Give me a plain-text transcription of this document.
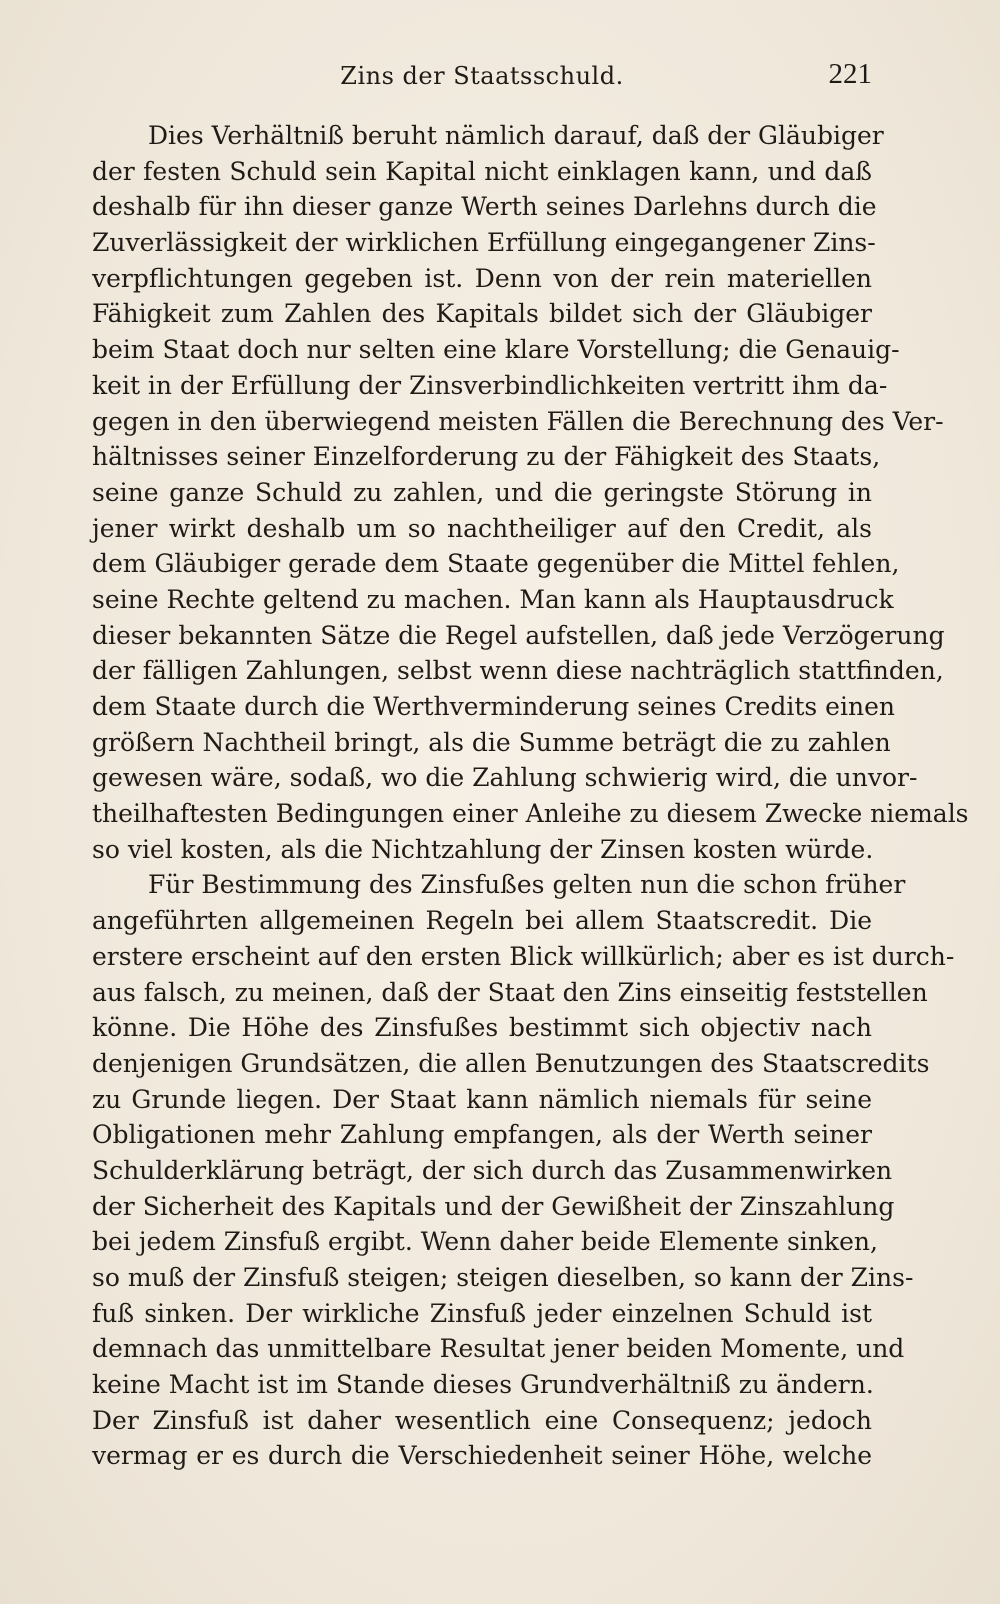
Zins der Staatsschuld.	221
Dies Verhältniß beruht nämlich darauf, daß der Gläubiger
der festen Schuld sein Kapital nicht einklagen kann, und daß
deshalb für ihn dieser ganze Werth seines Darlehns durch die
Zuverlässigkeit der wirklichen Erfüllung eingegangener Zins-
verpflichtungen gegeben ist. Denn von der rein materiellen
Fähigkeit zum Zahlen des Kapitals bildet sich der Gläubiger
beim Staat doch nur selten eine klare Vorstellung; die Genauig-
keit in der Erfüllung der Zinsverbindlichkeiten vertritt ihm da-
gegen in den überwiegend meisten Fällen die Berechnung des Ver-
hältnisses seiner Einzelforderung zu der Fähigkeit des Staats,
seine ganze Schuld zu zahlen, und die geringste Störung in
jener wirkt deshalb um so nachtheiliger auf den Credit, als
dem Gläubiger gerade dem Staate gegenüber die Mittel fehlen,
seine Rechte geltend zu machen. Man kann als Hauptausdruck
dieser bekannten Sätze die Regel aufstellen, daß jede Verzögerung
der fälligen Zahlungen, selbst wenn diese nachträglich stattfinden,
dem Staate durch die Werthverminderung seines Credits einen
größern Nachtheil bringt, als die Summe beträgt die zu zahlen
gewesen wäre, sodaß, wo die Zahlung schwierig wird, die unvor-
theilhaftesten Bedingungen einer Anleihe zu diesem Zwecke niemals
so viel kosten, als die Nichtzahlung der Zinsen kosten würde.
Für Bestimmung des Zinsfußes gelten nun die schon früher
angeführten allgemeinen Regeln bei allem Staatscredit. Die
erstere erscheint auf den ersten Blick willkürlich; aber es ist durch-
aus falsch, zu meinen, daß der Staat den Zins einseitig feststellen
könne. Die Höhe des Zinsfußes bestimmt sich objectiv nach
denjenigen Grundsätzen, die allen Benutzungen des Staatscredits
zu Grunde liegen. Der Staat kann nämlich niemals für seine
Obligationen mehr Zahlung empfangen, als der Werth seiner
Schulderklärung beträgt, der sich durch das Zusammenwirken
der Sicherheit des Kapitals und der Gewißheit der Zinszahlung
bei jedem Zinsfuß ergibt. Wenn daher beide Elemente sinken,
so muß der Zinsfuß steigen; steigen dieselben, so kann der Zins-
fuß sinken. Der wirkliche Zinsfuß jeder einzelnen Schuld ist
demnach das unmittelbare Resultat jener beiden Momente, und
keine Macht ist im Stande dieses Grundverhältniß zu ändern.
Der Zinsfuß ist daher wesentlich eine Consequenz; jedoch
vermag er es durch die Verschiedenheit seiner Höhe, welche
